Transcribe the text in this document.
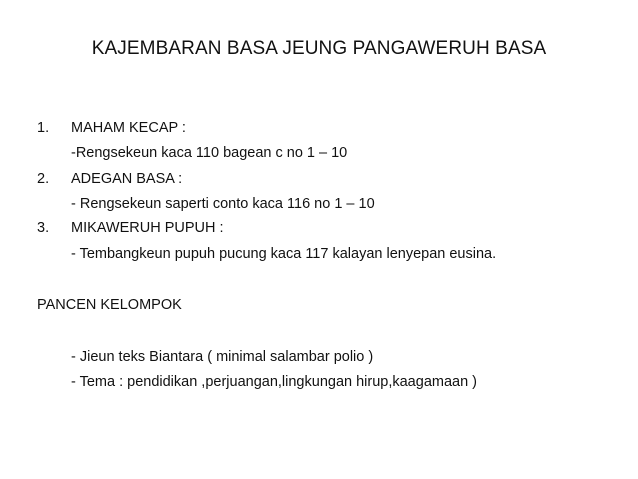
KAJEMBARAN BASA JEUNG PANGAWERUH BASA
1. MAHAM KECAP :
-Rengsekeun kaca 110 bagean c no 1 – 10
2. ADEGAN BASA :
- Rengsekeun saperti conto kaca 116 no 1 – 10
3. MIKAWERUH PUPUH :
- Tembangkeun pupuh pucung kaca 117 kalayan lenyepan eusina.
PANCEN KELOMPOK
- Jieun teks Biantara ( minimal salambar polio )
- Tema : pendidikan ,perjuangan,lingkungan hirup,kaagamaan )
